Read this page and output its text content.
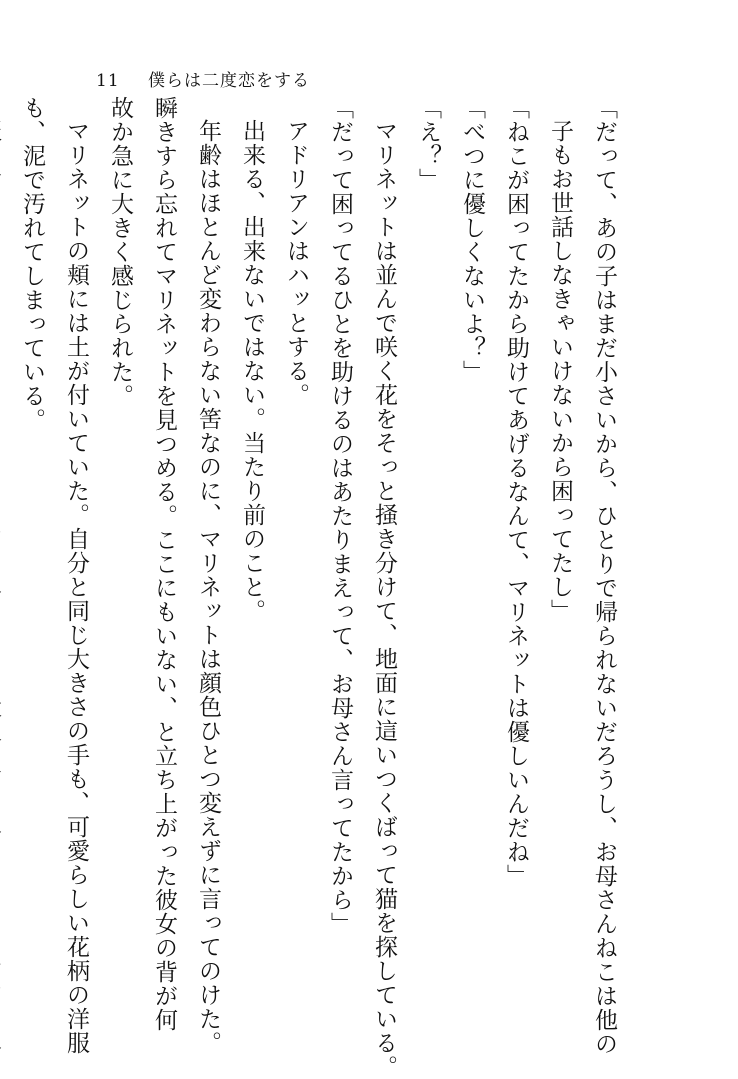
11 僕らは二度恋をする
「だって、あの子はまだ小さいから、ひとりで帰られないだろうし、お母さんねこは他の
子もお世話しなきゃいけないから困ってたし」
「ねこが困ってたから助けてあげるなんて、マリネットは優しいんだね」
「べつに優しくないよ？」
「え？」
マリネットは並んで咲く花をそっと掻き分けて、地面に這いつくばって猫を探している。
「だって困ってるひとを助けるのはあたりまえって、お母さん言ってたから」
アドリアンはハッとする。
出来る、出来ないではない。当たり前のこと。
年齢はほとんど変わらない筈なのに、マリネットは顔色ひとつ変えずに言ってのけた。
瞬きすら忘れてマリネットを見つめる。ここにもいない、と立ち上がった彼女の背が何
故か急に大きく感じられた。
マリネットの頬には土が付いていた。自分と同じ大きさの手も、可愛らしい花柄の洋服
も、泥で汚れてしまっている。
